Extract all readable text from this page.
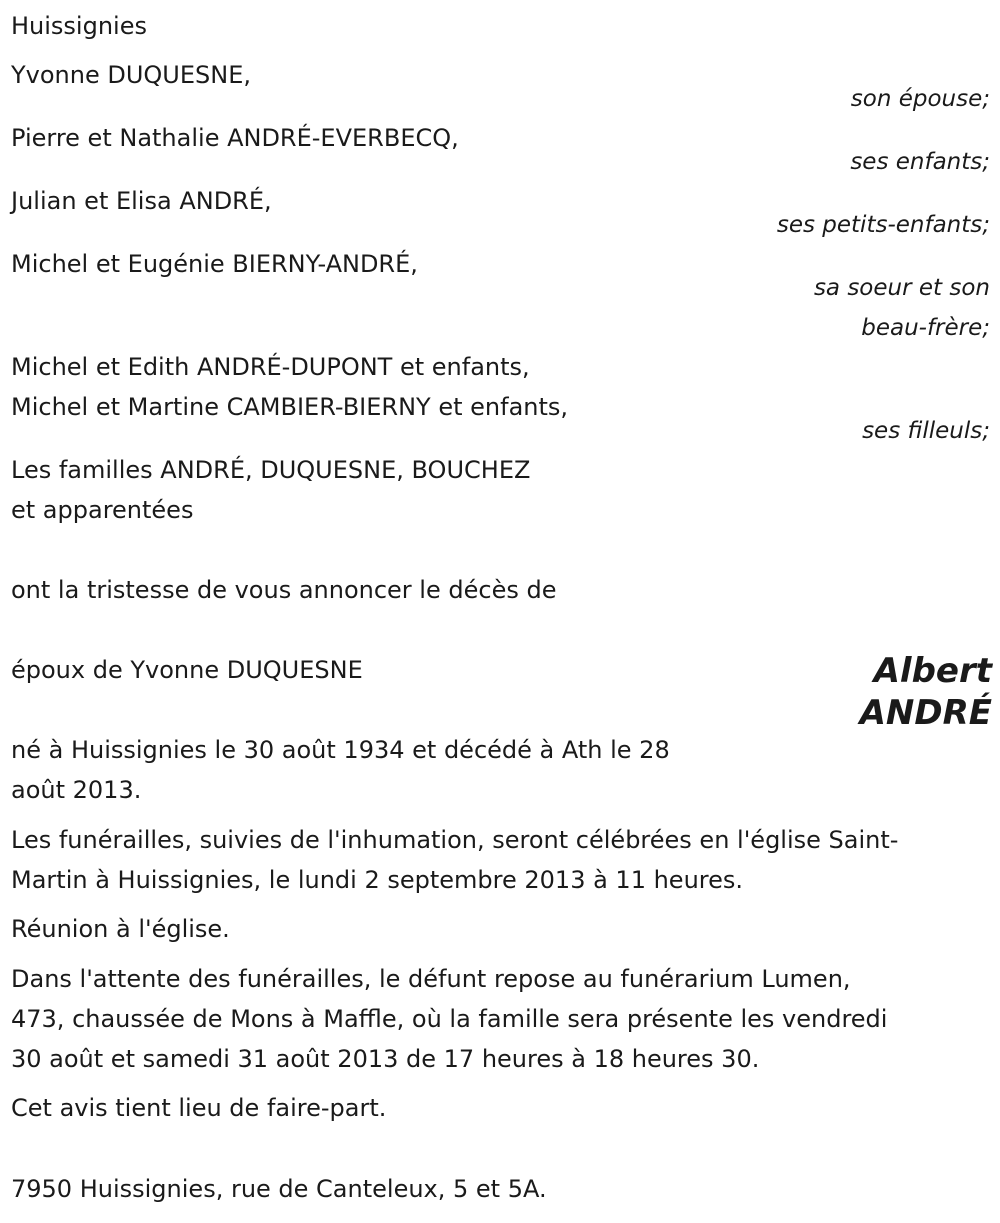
Huissignies

Yvonne DUQUESNE,

son épouse;

Pierre et Nathalie ANDRÉ-EVERBECQ,

ses enfants;

Julian et Elisa ANDRÉ,

ses petits-enfants;

Michel et Eugénie BIERNY-ANDRÉ,

sa soeur et son

beau-frère;

Michel et Edith ANDRÉ-DUPONT et enfants,

Michel et Martine CAMBIER-BIERNY et enfants,

ses filleuls;

Les familles ANDRÉ, DUQUESNE, BOUCHEZ

et apparentées

ont la tristesse de vous annoncer le décès de

époux de Yvonne DUQUESNE	Albert
ANDRÉ

né à Huissignies le 30 août 1934 et décédé à Ath le 28

août 2013.

Les funérailles, suivies de l'inhumation, seront célébrées en l'église Saint-

Martin à Huissignies, le lundi 2 septembre 2013 à 11 heures.

Réunion à l'église.

Dans l'attente des funérailles, le défunt repose au funérarium Lumen,

473, chaussée de Mons à Maffle, où la famille sera présente les vendredi

30 août et samedi 31 août 2013 de 17 heures à 18 heures 30.

Cet avis tient lieu de faire-part.

7950 Huissignies, rue de Canteleux, 5 et 5A.
